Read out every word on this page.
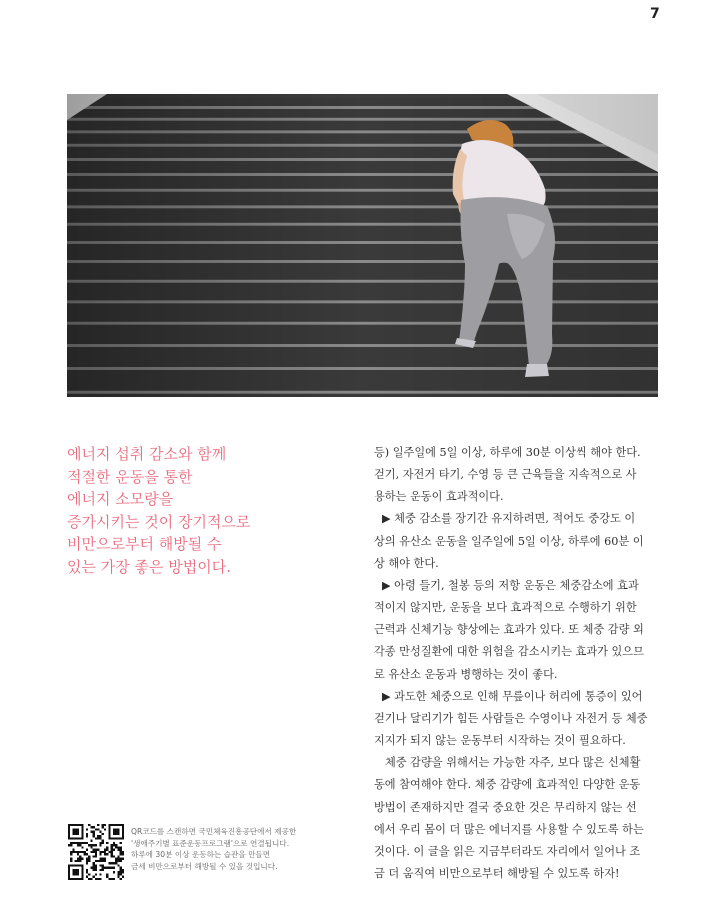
7
에너지 섭취 감소와 함께
적절한 운동을 통한
에너지 소모량을
증가시키는 것이 장기적으로
비만으로부터 해방될 수
있는 가장 좋은 방법이다.
등) 일주일에 5일 이상, 하루에 30분 이상씩 해야 한다.
걷기, 자전거 타기, 수영 등 큰 근육들을 지속적으로 사
용하는 운동이 효과적이다.
▶ 체중 감소를 장기간 유지하려면, 적어도 중강도 이
상의 유산소 운동을 일주일에 5일 이상, 하루에 60분 이
상 해야 한다.
▶ 아령 들기, 철봉 등의 저항 운동은 체중감소에 효과
적이지 않지만, 운동을 보다 효과적으로 수행하기 위한
근력과 신체기능 향상에는 효과가 있다. 또 체중 감량 외
각종 만성질환에 대한 위험을 감소시키는 효과가 있으므
로 유산소 운동과 병행하는 것이 좋다.
▶ 과도한 체중으로 인해 무릎이나 허리에 통증이 있어
걷기나 달리기가 힘든 사람들은 수영이나 자전거 등 체중
지지가 되지 않는 운동부터 시작하는 것이 필요하다.
체중 감량을 위해서는 가능한 자주, 보다 많은 신체활
동에 참여해야 한다. 체중 감량에 효과적인 다양한 운동
방법이 존재하지만 결국 중요한 것은 무리하지 않는 선
에서 우리 몸이 더 많은 에너지를 사용할 수 있도록 하는
것이다. 이 글을 읽은 지금부터라도 자리에서 일어나 조
금 더 움직여 비만으로부터 해방될 수 있도록 하자!
QR코드를 스캔하면 국민체육진흥공단에서 제공한
'생애주기별 표준운동프로그램'으로 연결됩니다.
하루에 30분 이상 운동하는 습관을 만들면
금세 비만으로부터 해방될 수 있을 것입니다.
